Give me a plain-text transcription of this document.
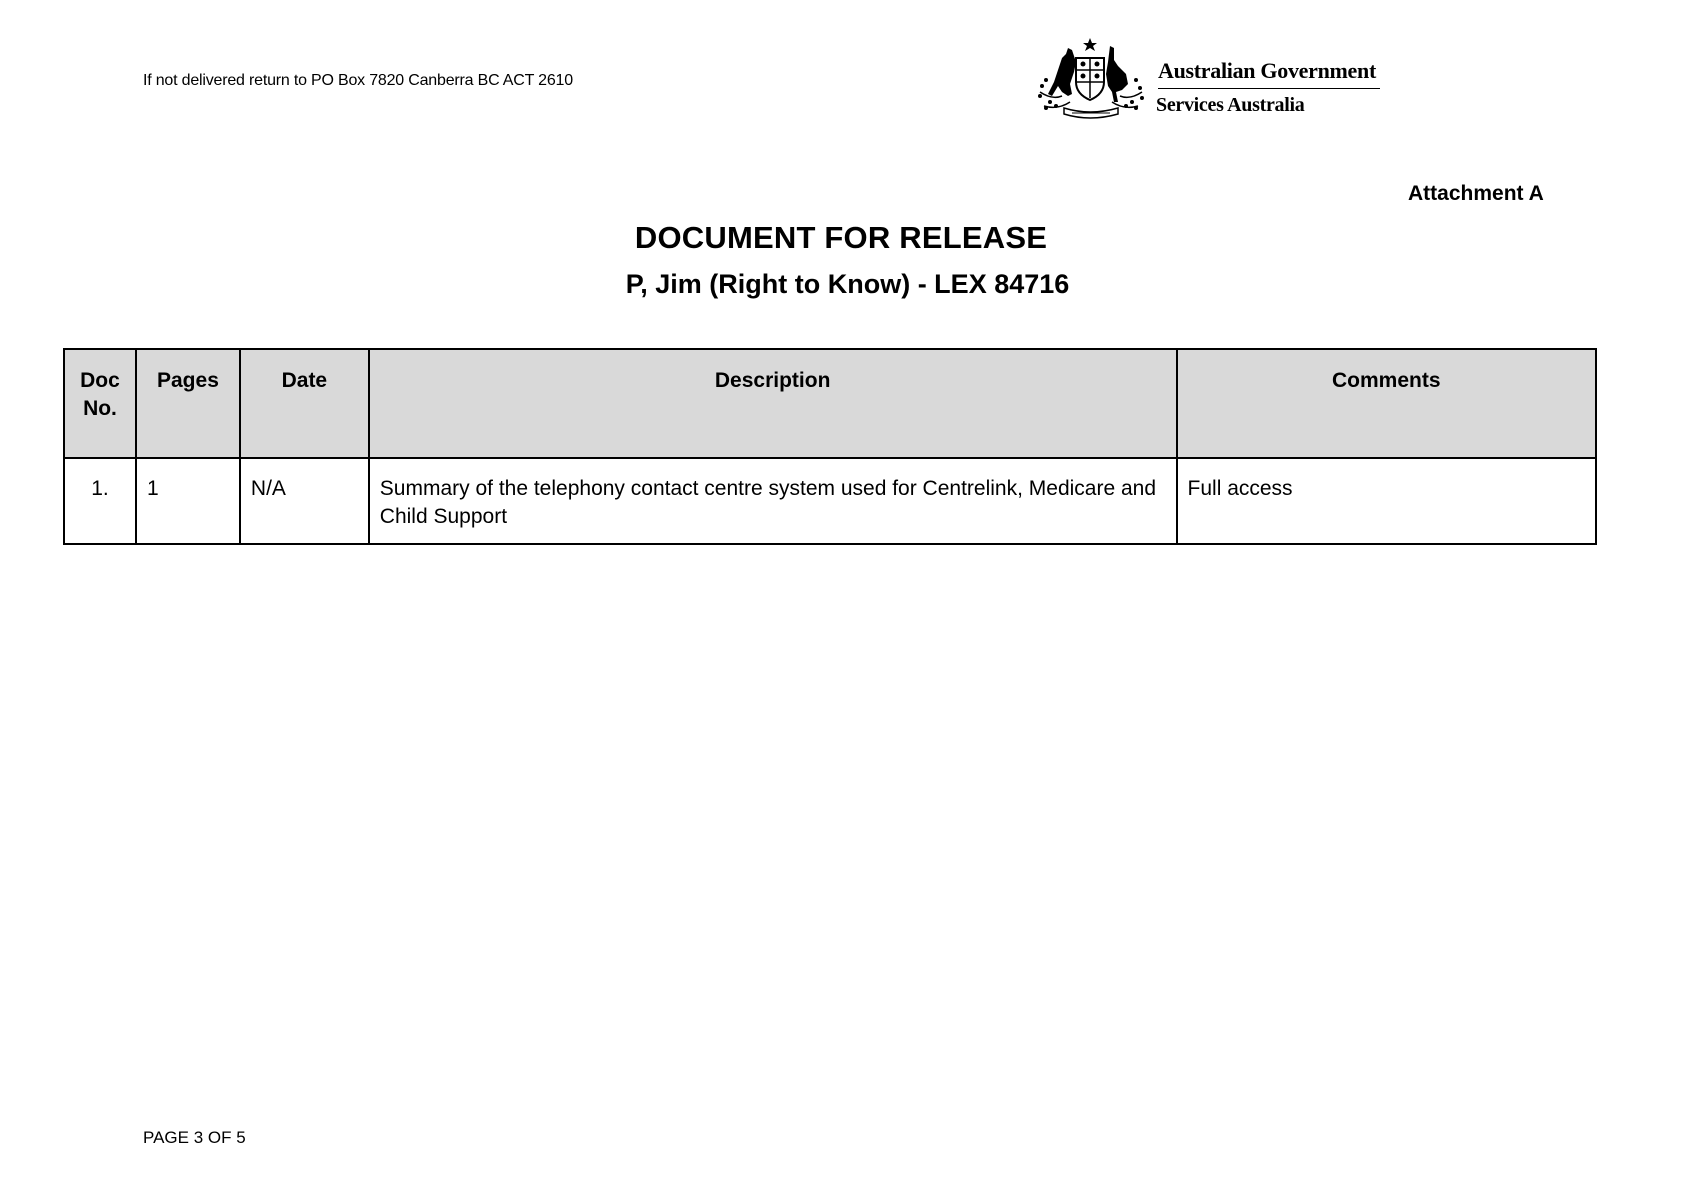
If not delivered return to PO Box 7820 Canberra BC ACT 2610	Australian Government
Services Australia
Attachment A
DOCUMENT FOR RELEASE
P, Jim (Right to Know) - LEX 84716
Doc No.	Pages	Date	Description	Comments
1.	1	N/A	Summary of the telephony contact centre system used for Centrelink, Medicare and Child Support	Full access
PAGE 3 OF 5
